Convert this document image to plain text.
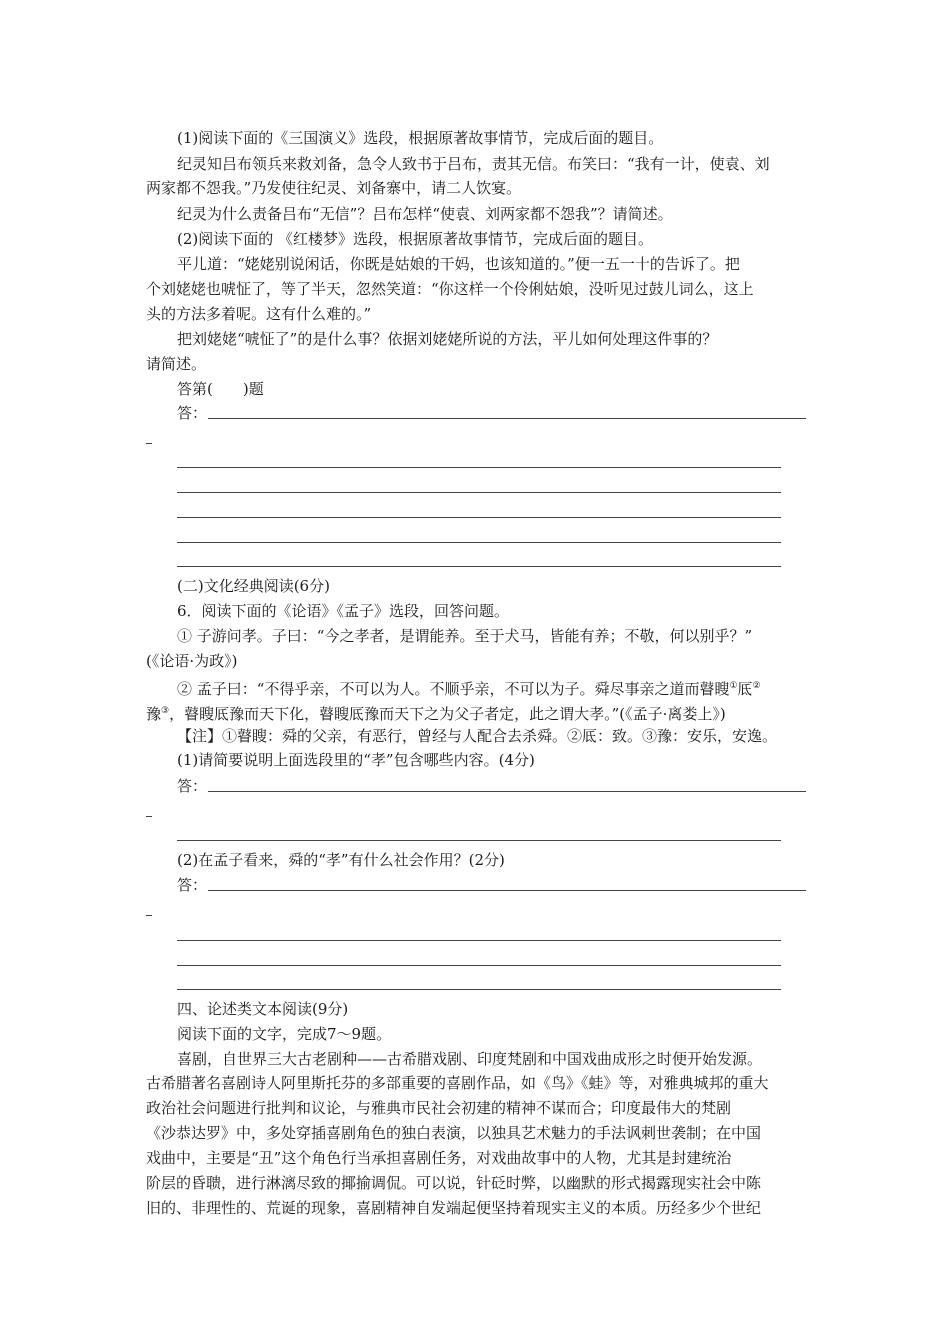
(1)阅读下面的《三国演义》选段，根据原著故事情节，完成后面的题目。
纪灵知吕布领兵来救刘备，急令人致书于吕布，责其无信。布笑曰：“我有一计，使袁、刘
两家都不怨我。”乃发使往纪灵、刘备寨中，请二人饮宴。
纪灵为什么责备吕布“无信”？吕布怎样“使袁、刘两家都不怨我”？请简述。
(2)阅读下面的 《红楼梦》选段，根据原著故事情节，完成后面的题目。
平儿道：“姥姥别说闲话，你既是姑娘的干妈，也该知道的。”便一五一十的告诉了。把
个刘姥姥也唬怔了，等了半天，忽然笑道：“你这样一个伶俐姑娘，没听见过鼓儿词么，这上
头的方法多着呢。这有什么难的。”
把刘姥姥“唬怔了”的是什么事？依据刘姥姥所说的方法，平儿如何处理这件事的？
请简述。
答第(　　)题
答：
(二)文化经典阅读(6分)
6．阅读下面的《论语》《孟子》选段，回答问题。
① 子游问孝。子曰：“今之孝者，是谓能养。至于犬马，皆能有养；不敬，何以别乎？”
(《论语·为政》)
② 孟子曰：“不得乎亲，不可以为人。不顺乎亲，不可以为子。舜尽事亲之道而瞽瞍①厎②
豫③，瞽瞍厎豫而天下化，瞽瞍厎豫而天下之为父子者定，此之谓大孝。”(《孟子·离娄上》)
【注】①瞽瞍：舜的父亲，有恶行，曾经与人配合去杀舜。②厎：致。③豫：安乐，安逸。
(1)请简要说明上面选段里的“孝”包含哪些内容。(4分)
答：
(2)在孟子看来，舜的“孝”有什么社会作用？(2分)
答：
四、论述类文本阅读(9分)
阅读下面的文字，完成7～9题。
喜剧，自世界三大古老剧种——古希腊戏剧、印度梵剧和中国戏曲成形之时便开始发源。
古希腊著名喜剧诗人阿里斯托芬的多部重要的喜剧作品，如《鸟》《蛙》等，对雅典城邦的重大
政治社会问题进行批判和议论，与雅典市民社会初建的精神不谋而合；印度最伟大的梵剧
《沙恭达罗》中，多处穿插喜剧角色的独白表演，以独具艺术魅力的手法讽刺世袭制；在中国
戏曲中，主要是“丑”这个角色行当承担喜剧任务，对戏曲故事中的人物，尤其是封建统治
阶层的昏聩，进行淋漓尽致的揶揄调侃。可以说，针砭时弊，以幽默的形式揭露现实社会中陈
旧的、非理性的、荒诞的现象，喜剧精神自发端起便坚持着现实主义的本质。历经多少个世纪
